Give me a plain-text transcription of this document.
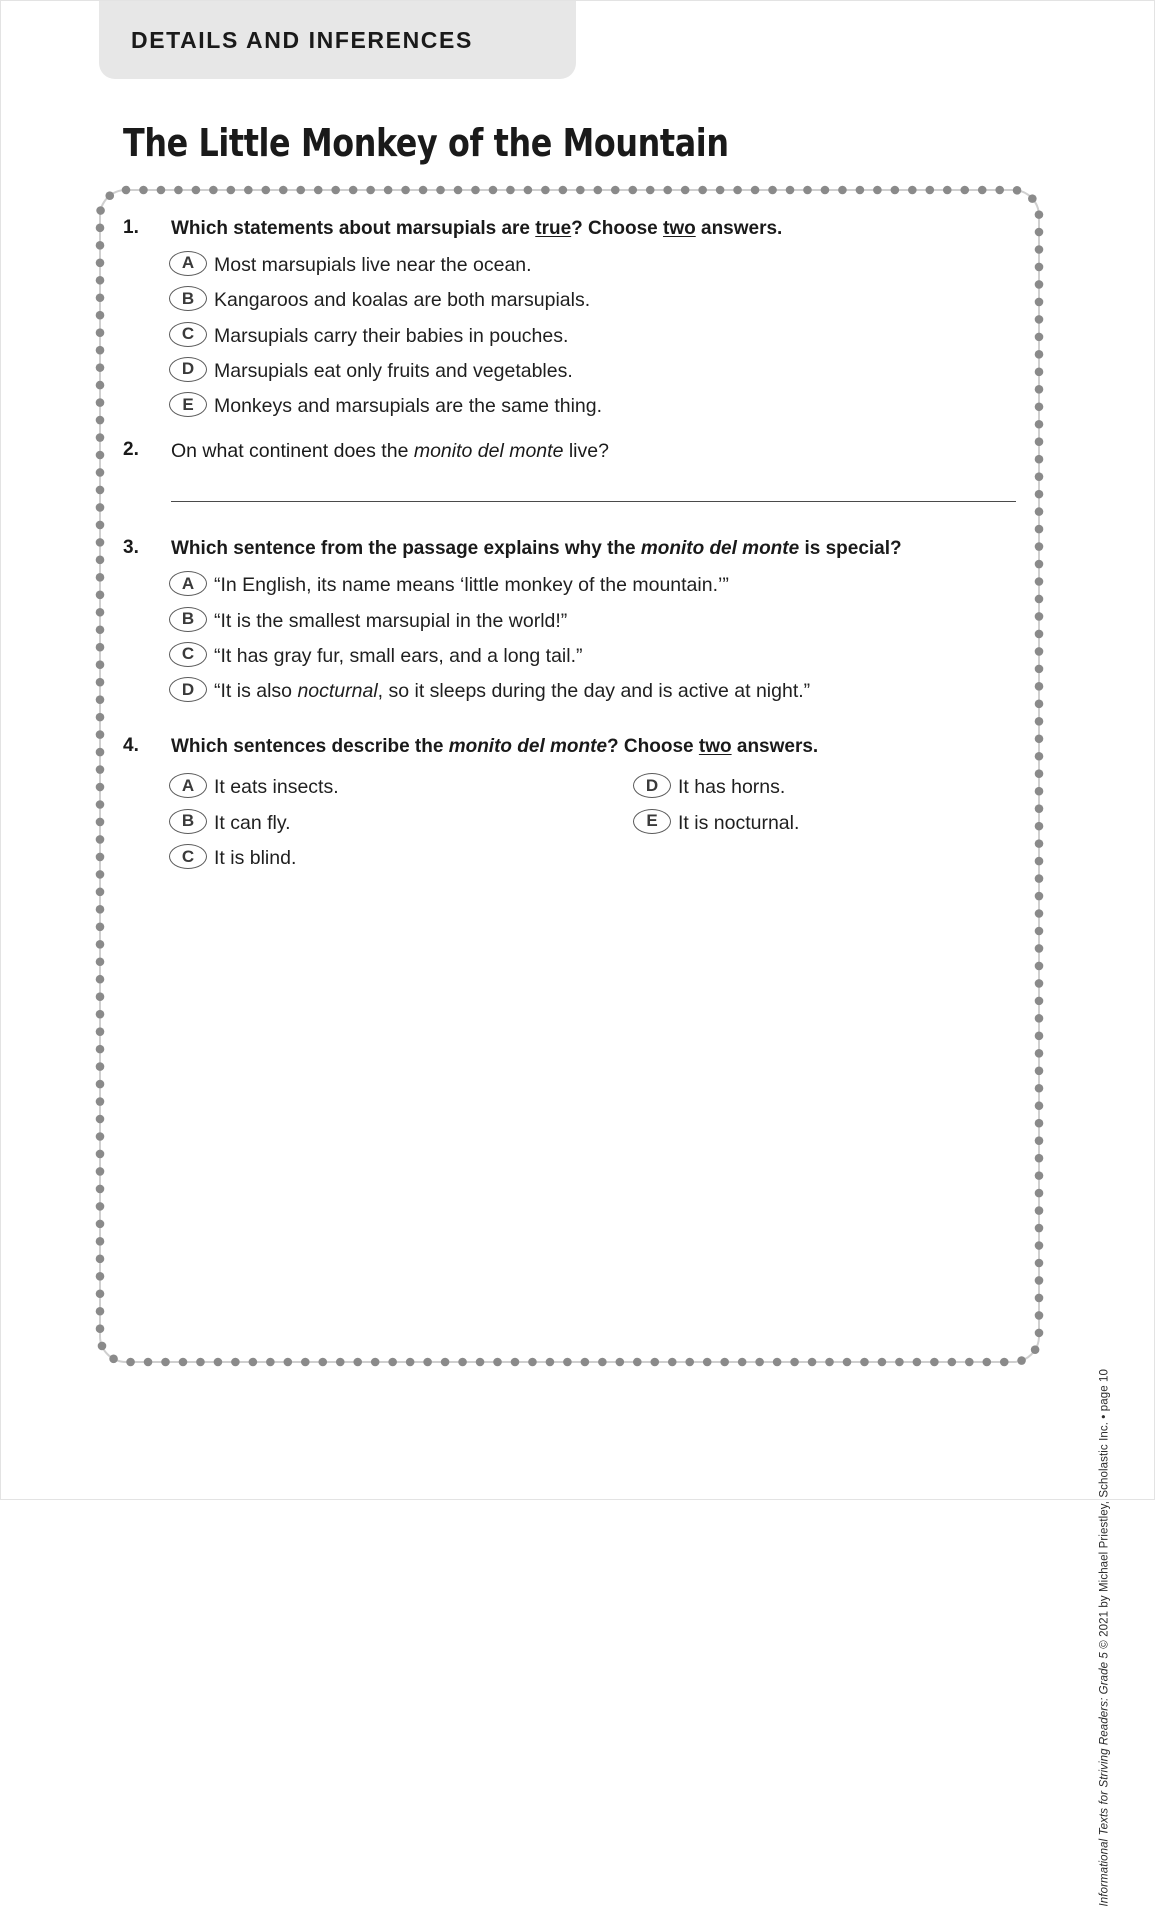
DETAILS AND INFERENCES
The Little Monkey of the Mountain
1.	Which statements about marsupials are true? Choose two answers.
A	Most marsupials live near the ocean.
B	Kangaroos and koalas are both marsupials.
C	Marsupials carry their babies in pouches.
D	Marsupials eat only fruits and vegetables.
E	Monkeys and marsupials are the same thing.
2.	On what continent does the monito del monte live?
3.	Which sentence from the passage explains why the monito del monte is special?
A	“In English, its name means ‘little monkey of the mountain.’”
B	“It is the smallest marsupial in the world!”
C	“It has gray fur, small ears, and a long tail.”
D	“It is also nocturnal, so it sleeps during the day and is active at night.”
4.	Which sentences describe the monito del monte? Choose two answers.
A	It eats insects.
B	It can fly.
C	It is blind.
D	It has horns.
E	It is nocturnal.
Informational Texts for Striving Readers: Grade 5 © 2021 by Michael Priestley, Scholastic Inc. • page 10
